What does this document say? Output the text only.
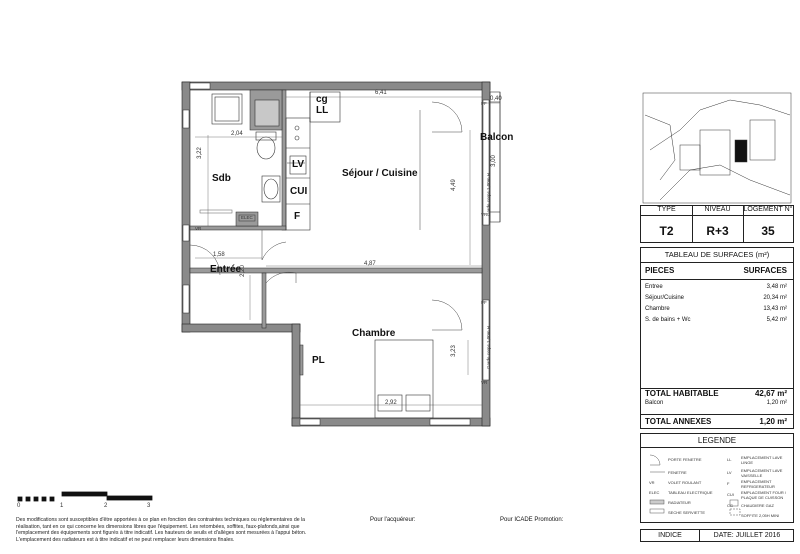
cg
LL
Sdb	Séjour / Cuisine
LV
CUI
F
Balcon
Entrée
Chambre
PL
6,41
0,40
2,04
3,22
3,00
4,49
1,58
4,87
2,20
3,23
2,92
PF
VR
PF
VR
VR
Garde corps 1,00m H
Garde corps 1,00m H
ELEC
0	1	2	3
TYPE
T2
NIVEAU
R+3
LOGEMENT N°
35
TABLEAU DE SURFACES (m²)
PIECES	SURFACES
Entree	3,48 m²
Séjour/Cuisine	20,34 m²
Chambre	13,43 m²
S. de bains + Wc	5,42 m²
TOTAL HABITABLE	42,67 m²
Balcon	1,20 m²
TOTAL ANNEXES	1,20 m²
LEGENDE
PORTE FENETRE
FENETRE
VR	VOLET ROULANT
ELEC TABLEAU ELECTRIQUE
RADIATEUR
SECHE SERVIETTE
LL EMPLACEMENT LAVE LINGE
LV EMPLACEMENT LAVE VAISSELLE
F	EMPLACEMENT REFRIGERATEUR
CUI EMPLACEMENT FOUR / PLAQUE DE CUISSON
CG CHAUDIERE GAZ
SOFFITE 2,05H MINI
INDICE	DATE: JUILLET 2016
Des modifications sont susceptibles d'être apportées à ce plan en fonction des contraintes techniques ou réglementaires de la
réalisation, tant en ce qui concerne les dimensions libres que l'équipement. Les retombées, soffites, faux-plafonds,ainsi que
l'emplacement des équipements sont figurés à titre indicatif. Les hauteurs de seuils et d'allèges sont mesurées à l'appui béton.
L'emplacement des radiateurs est à titre indicatif et ne peut remplacer leurs dimensions finales.
Pour l'acquéreur:	Pour ICADE Promotion:
